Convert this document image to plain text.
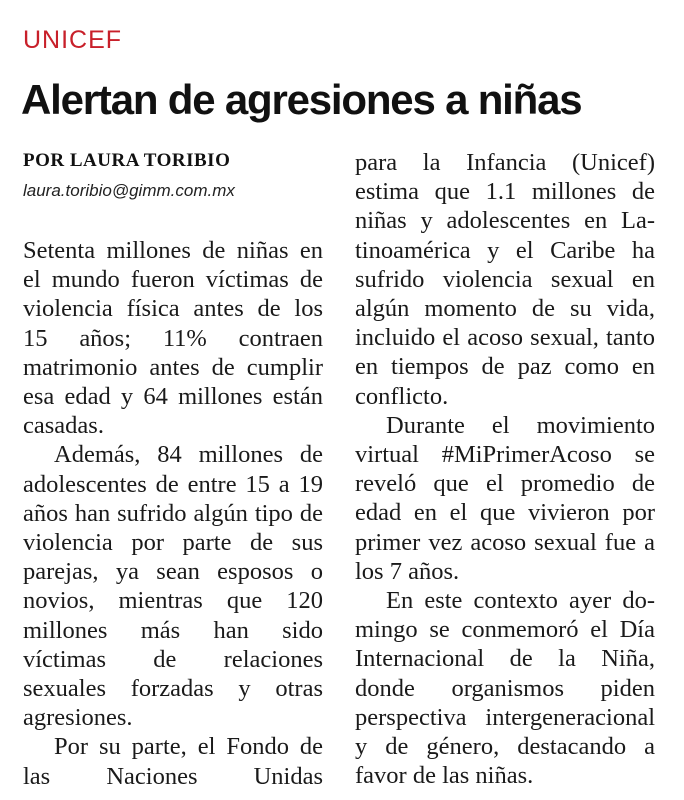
UNICEF
Alertan de agresiones a niñas
POR LAURA TORIBIO
laura.toribio@gimm.com.mx

Setenta millones de niñas en el mundo fueron víctimas de violencia física antes de los 15 años; 11% contraen matrimonio antes de cumplir esa edad y 64 millones están casadas.

Además, 84 millones de adolescentes de entre 15 a 19 años han sufrido algún tipo de violencia por parte de sus parejas, ya sean esposos o novios, mientras que 120 millones más han sido víctimas de relaciones sexuales forzadas y otras agresiones.

Por su parte, el Fondo de las Naciones Unidas

para la Infancia (Unicef) estima que 1.1 millones de niñas y adolescentes en Latinoamérica y el Caribe ha sufrido violencia sexual en algún momento de su vida, incluido el acoso sexual, tanto en tiempos de paz como en conflicto.

Durante el movimiento virtual #MiPrimerAcoso se reveló que el promedio de edad en el que vivieron por primer vez acoso sexual fue a los 7 años.

En este contexto ayer domingo se conmemoró el Día Internacional de la Niña, donde organismos piden perspectiva intergeneracional y de género, destacando a favor de las niñas.
